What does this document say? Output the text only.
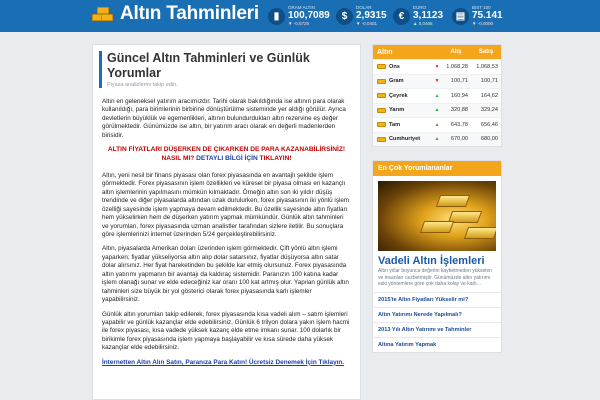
Altın Tahminleri	▮
GRAM ALTIN
100,7089
▼ -0,5729
$
DOLAR
2,9315
▼ -0,0401
€
EURO
3,1123
▲ 0,0466
▤
BIST 100
75.141
▼ -0,0000
Güncel Altın Tahminleri ve Günlük Yorumlar
Piyasa analizlerini takip edin.

Altın en geleneksel yatırım aracımızdır. Tarihi olarak bakıldığında ise altının para olarak kullanıldığı, para birimlerinin birbirine dönüştürülme sisteminde yer aldığı görülür. Ayrıca devletlerin büyüklük ve egemenlikleri, altının bulundurdukları altın rezervine eş değer görülmektedir. Günümüzde ise altın, bir yatırım aracı olarak en değerli madenlerden birisidir.

ALTIN FİYATLARI DÜŞERKEN DE ÇIKARKEN DE PARA KAZANABİLİRSİNİZ!
NASIL MI? DETAYLI BİLGİ İÇİN TIKLAYIN!

Altın, yeni nesil bir finans piyasası olan forex piyasasında en avantajlı şekilde işlem görmektedir. Forex piyasasının işlem özellikleri ve küresel bir piyasa olması en kazançlı altın işlemlerinin yapılmasını mümkün kılmaktadır. Örneğin altın son iki yıldır düşüş trendinde ve diğer piyasalarda altından uzak durulurken, forex piyasasının iki yönlü işlem özelliği sayesinde işlem yapmaya devam edilmektedir. Bu özellik sayesinde altın fiyatları hem yükselirken hem de düşerken yatırım yapmak mümkündür. Günlük altın tahminleri ve yorumları, forex piyasasında uzman analistler tarafından sizlere iletilir. Bu sonuçlara göre işlemlerinizi internet üzerinden 5/24 gerçekleştirebilirsiniz.

Altın, piyasalarda Amerikan doları üzerinden işlem görmektedir. Çift yönlü altın işlemi yaparken; fiyatlar yükseliyorsa altın alıp dolar satarsınız, fiyatlar düşüyorsa altın satar dolar alırsınız. Her fiyat hareketinden bu şekilde kar etmiş olursunuz. Forex piyasasında altın yatırımı yapmanın bir avantajı da kaldıraç sistemidir. Paranızın 100 katına kadar işlem olanağı sunar ve elde edeceğiniz kar oranı 100 kat artmış olur. Yapılan günlük altın tahminleri size büyük bir yol gösterici olarak forex piyasasında karlı işlemler yapabilirsiniz.

Günlük altın yorumları takip edilerek, forex piyasasında kısa vadeli alım – satım işlemleri yapabilir ve günlük kazançlar elde edebilirsiniz. Günlük 6 trilyon dolara yakın işlem hacmi ile forex piyasası, kısa vadede yüksek kazanç elde etme imkanı sunar. 100 dolarlık bir birikimle forex piyasasında işlem yapmaya başlayabilir ve kısa sürede daha yüksek kazançlar elde edebilirsiniz.

İnternetten Altın Alın Satın, Paranıza Para Katın! Ücretsiz Denemek İçin Tıklayın.
Altın	Alış	Satış
Ons	▼	1.068,28	1.068,53
Gram	▼	100,71	100,71
Çeyrek	▲	160,94	164,62
Yarım	▲	320,88	329,24
Tam	▲	643,78	656,46
Cumhuriyet	▲	670,00	680,00
En Çok Yorumlananlar
Vadeli Altın İşlemleri
Altın yıllar boyunca değerini kaybetmeden yükselen ve insanları cezbetmiştir. Günümüzde altın yatırımı eski yöntemlere göre çok daha kolay ve karlı...
2015'te Altın Fiyatları Yükselir mi?
Altın Yatırımı Nerede Yapılmalı?
2013 Yılı Altın Yatırımı ve Tahminler
Altına Yatırım Yapmak
